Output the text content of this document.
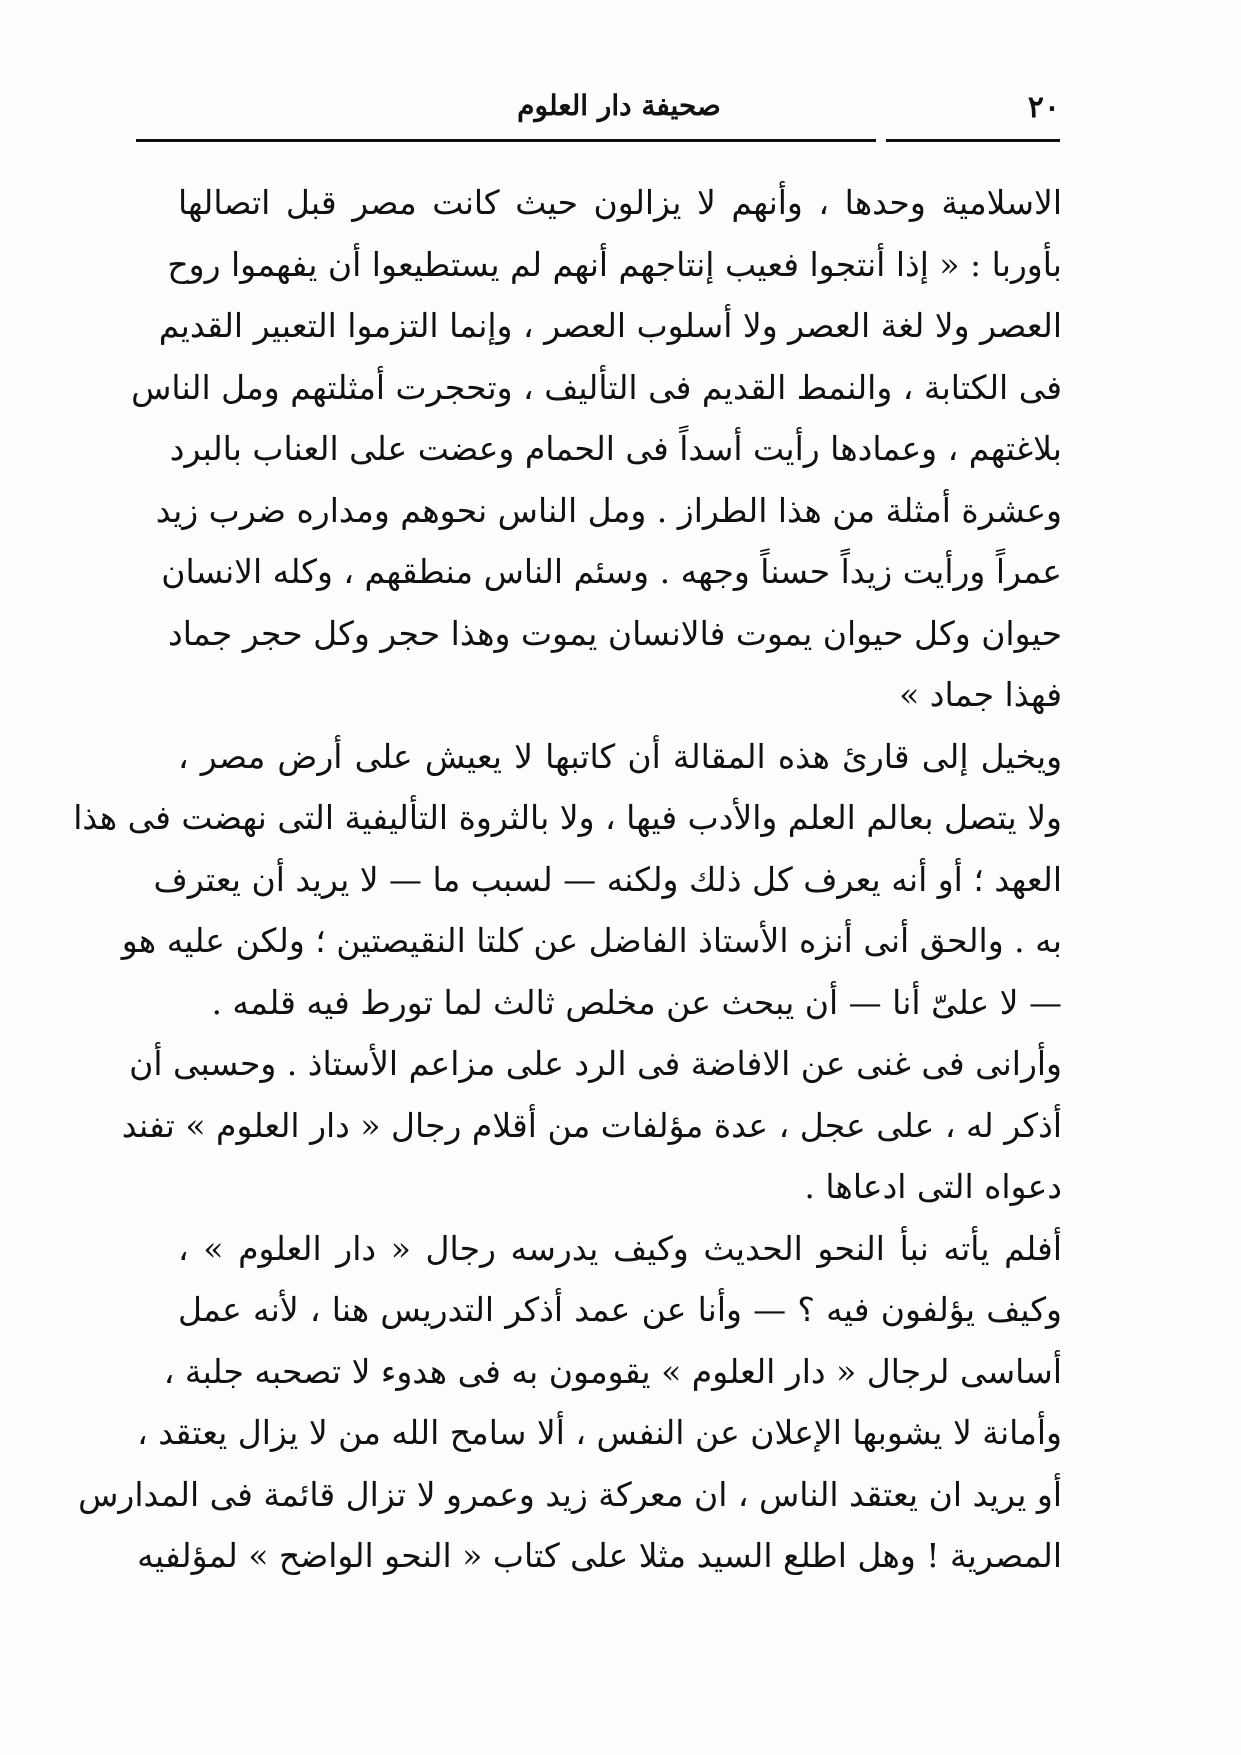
٢٠
صحيفة دار العلوم
الاسلامية وحدها ، وأنهم لا يزالون حيث كانت مصر قبل اتصالها
بأوربا : « إذا أنتجوا فعيب إنتاجهم أنهم لم يستطيعوا أن يفهموا روح
العصر ولا لغة العصر ولا أسلوب العصر ، وإنما التزموا التعبير القديم
فى الكتابة ، والنمط القديم فى التأليف ، وتحجرت أمثلتهم ومل الناس
بلاغتهم ، وعمادها رأيت أسداً فى الحمام وعضت على العناب بالبرد
وعشرة أمثلة من هذا الطراز . ومل الناس نحوهم ومداره ضرب زيد
عمراً ورأيت زيداً حسناً وجهه . وسئم الناس منطقهم ، وكله الانسان
حيوان وكل حيوان يموت فالانسان يموت وهذا حجر وكل حجر جماد
فهذا جماد »
ويخيل إلى قارئ هذه المقالة أن كاتبها لا يعيش على أرض مصر ،
ولا يتصل بعالم العلم والأدب فيها ، ولا بالثروة التأليفية التى نهضت فى هذا
العهد ؛ أو أنه يعرف كل ذلك ولكنه — لسبب ما — لا يريد أن يعترف
به . والحق أنى أنزه الأستاذ الفاضل عن كلتا النقيصتين ؛ ولكن عليه هو
— لا علىّ أنا — أن يبحث عن مخلص ثالث لما تورط فيه قلمه .
وأرانى فى غنى عن الافاضة فى الرد على مزاعم الأستاذ . وحسبى أن
أذكر له ، على عجل ، عدة مؤلفات من أقلام رجال « دار العلوم » تفند
دعواه التى ادعاها .
أفلم يأته نبأ النحو الحديث وكيف يدرسه رجال « دار العلوم » ،
وكيف يؤلفون فيه ؟ — وأنا عن عمد أذكر التدريس هنا ، لأنه عمل
أساسى لرجال « دار العلوم » يقومون به فى هدوء لا تصحبه جلبة ،
وأمانة لا يشوبها الإعلان عن النفس ، ألا سامح الله من لا يزال يعتقد ،
أو يريد ان يعتقد الناس ، ان معركة زيد وعمرو لا تزال قائمة فى المدارس
المصرية ! وهل اطلع السيد مثلا على كتاب « النحو الواضح » لمؤلفيه
